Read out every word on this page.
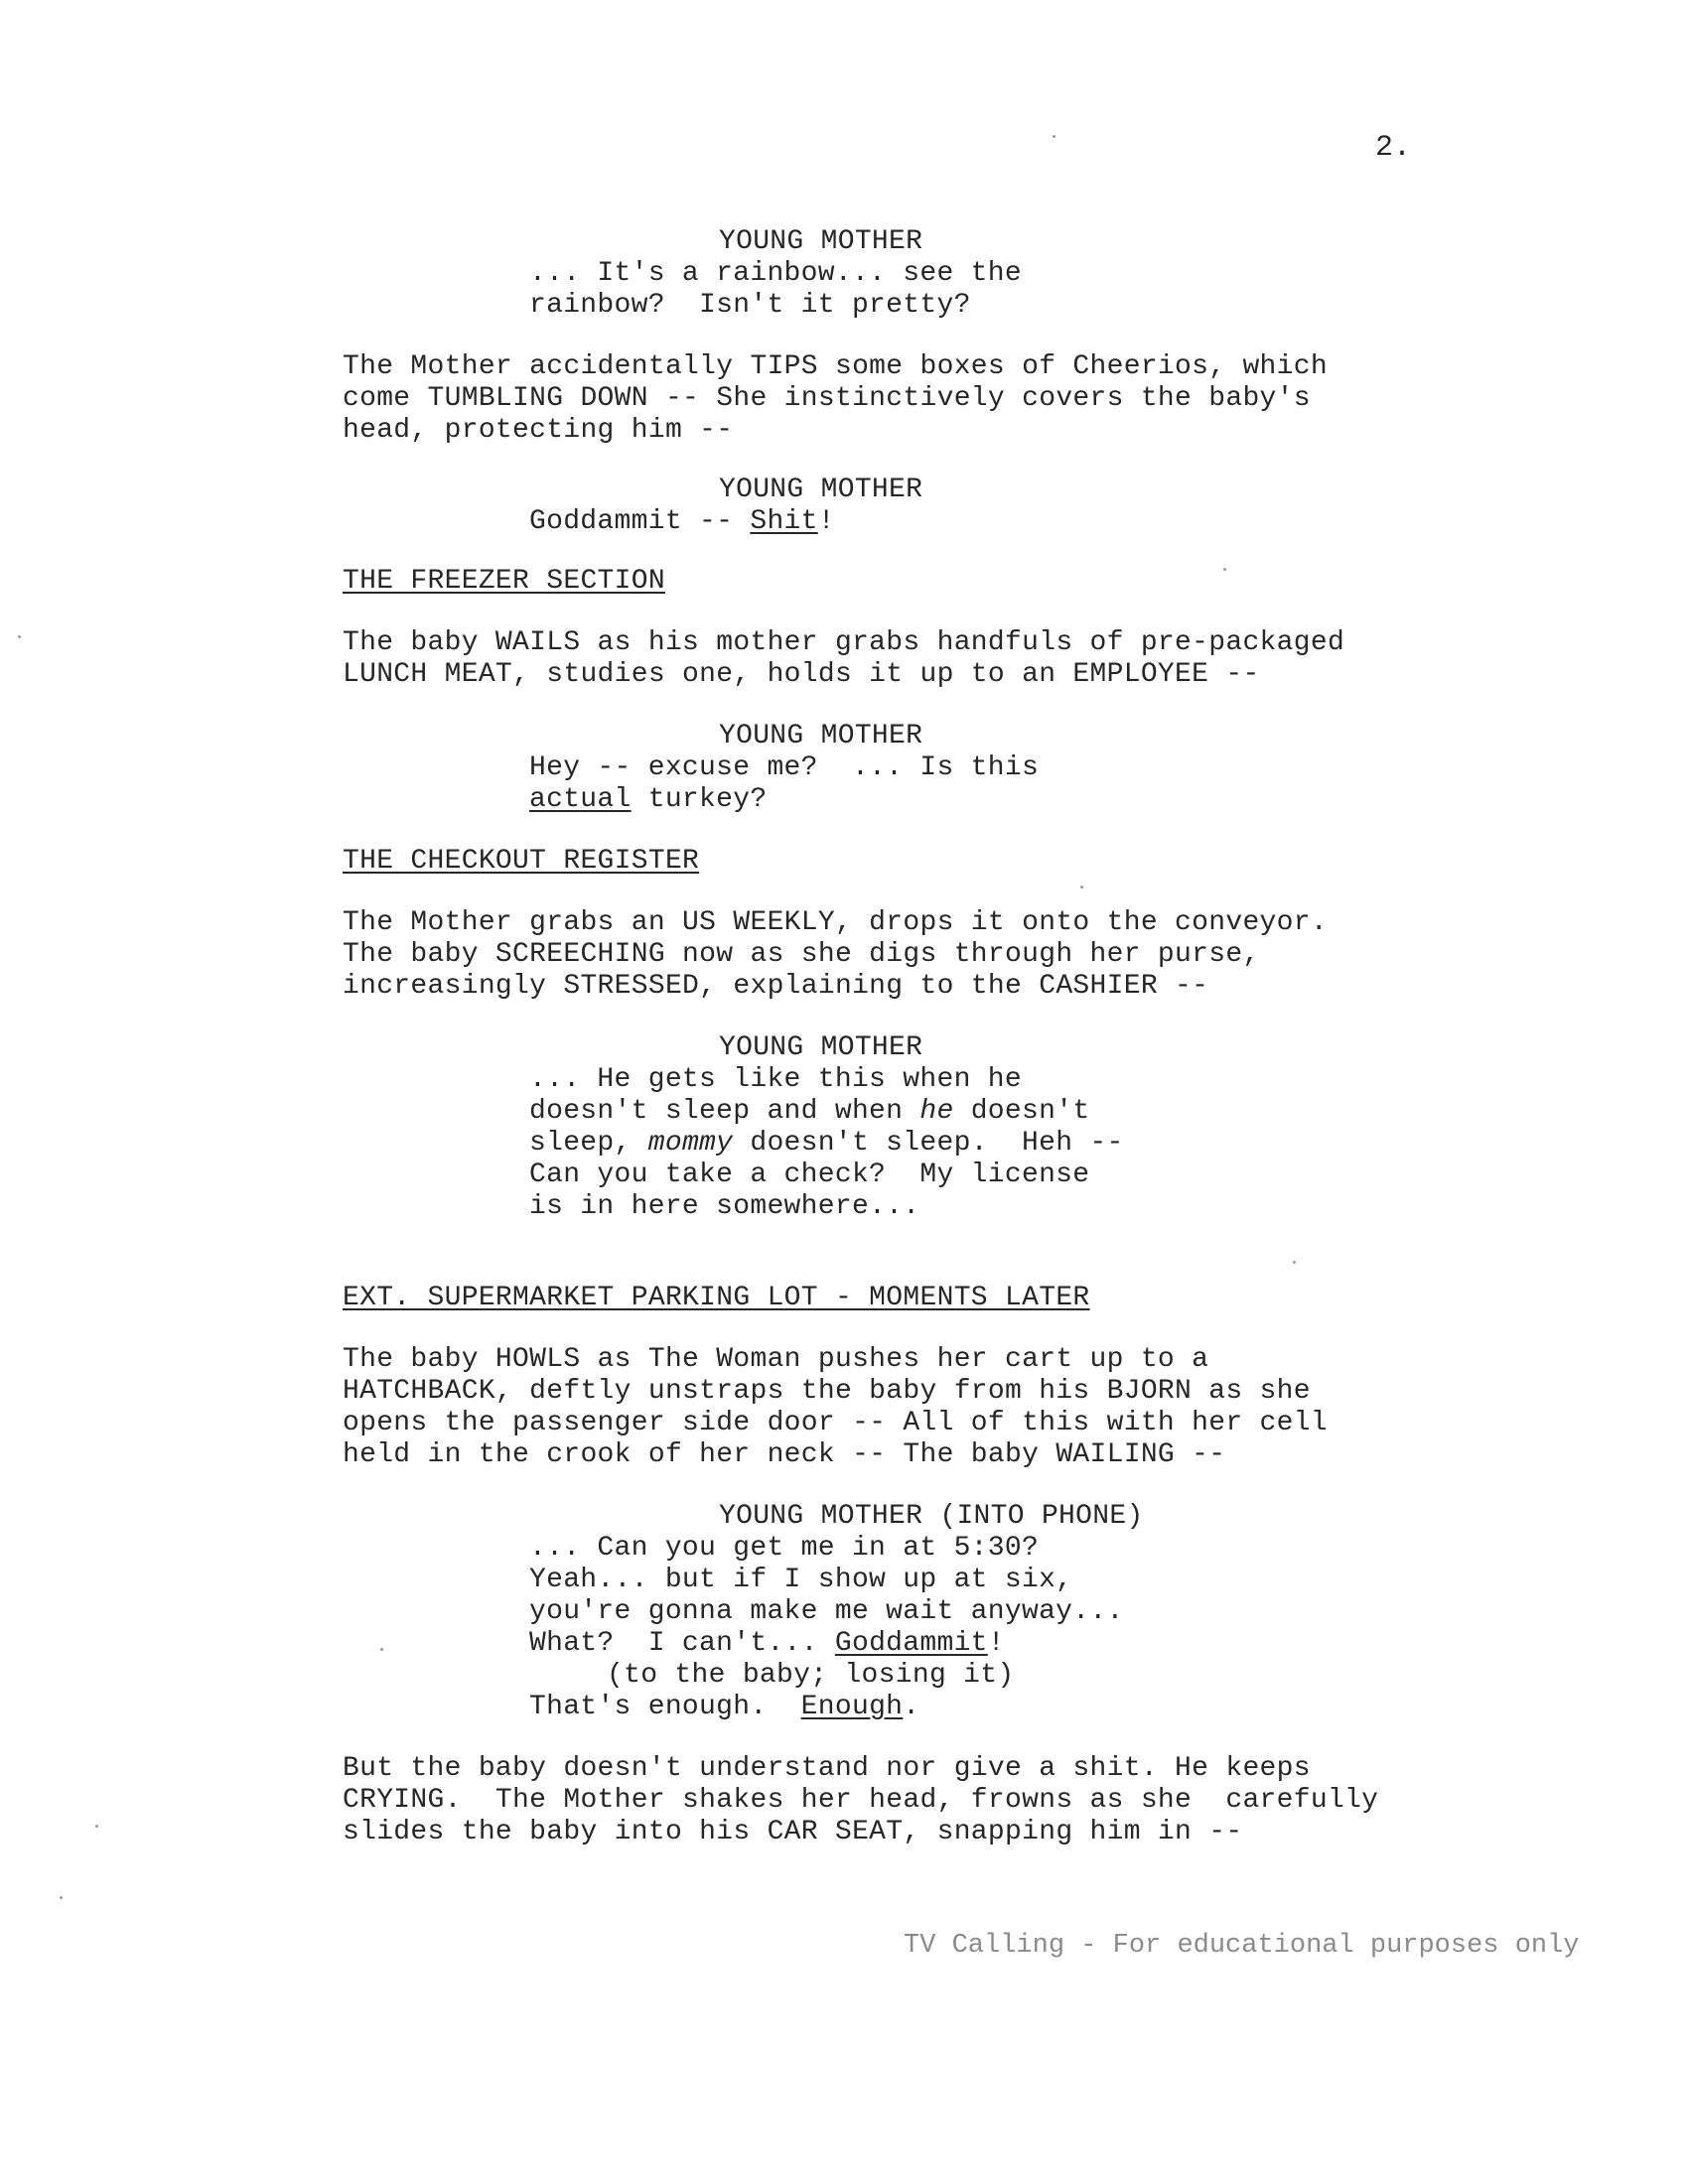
2.
YOUNG MOTHER
... It's a rainbow... see the
rainbow?  Isn't it pretty?
The Mother accidentally TIPS some boxes of Cheerios, which
come TUMBLING DOWN -- She instinctively covers the baby's
head, protecting him --
YOUNG MOTHER
Goddammit -- Shit!
THE FREEZER SECTION
The baby WAILS as his mother grabs handfuls of pre-packaged
LUNCH MEAT, studies one, holds it up to an EMPLOYEE --
YOUNG MOTHER
Hey -- excuse me?  ... Is this
actual turkey?
THE CHECKOUT REGISTER
The Mother grabs an US WEEKLY, drops it onto the conveyor.
The baby SCREECHING now as she digs through her purse,
increasingly STRESSED, explaining to the CASHIER --
YOUNG MOTHER
... He gets like this when he
doesn't sleep and when he doesn't
sleep, mommy doesn't sleep.  Heh --
Can you take a check?  My license
is in here somewhere...
EXT. SUPERMARKET PARKING LOT - MOMENTS LATER
The baby HOWLS as The Woman pushes her cart up to a
HATCHBACK, deftly unstraps the baby from his BJORN as she
opens the passenger side door -- All of this with her cell
held in the crook of her neck -- The baby WAILING --
YOUNG MOTHER (INTO PHONE)
... Can you get me in at 5:30?
Yeah... but if I show up at six,
you're gonna make me wait anyway...
What?  I can't... Goddammit!
(to the baby; losing it)
That's enough.  Enough.
But the baby doesn't understand nor give a shit. He keeps
CRYING.  The Mother shakes her head, frowns as she  carefully
slides the baby into his CAR SEAT, snapping him in --
TV Calling - For educational purposes only
